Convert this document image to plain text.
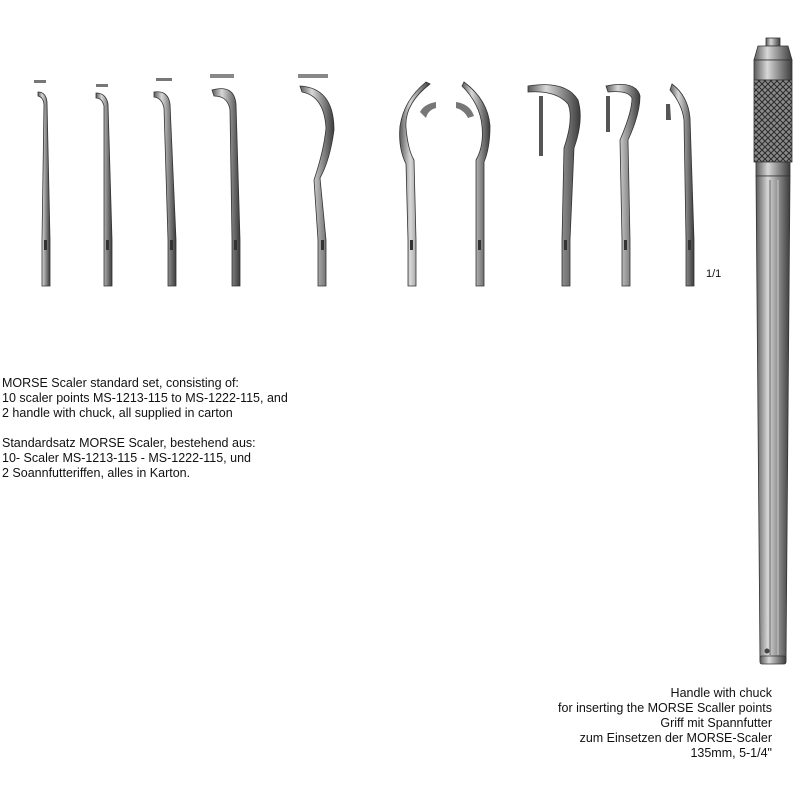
1/1
MORSE Scaler standard set, consisting of:
10 scaler points MS-1213-115 to MS-1222-115, and
2 handle with chuck, all supplied in carton
Standardsatz MORSE Scaler, bestehend aus:
10- Scaler MS-1213-115 - MS-1222-115, und
2 Soannfutteriffen, alles in Karton.
Handle with chuck
for inserting the MORSE Scaller points
Griff mit Spannfutter
zum Einsetzen der MORSE-Scaler
135mm, 5-1/4"
